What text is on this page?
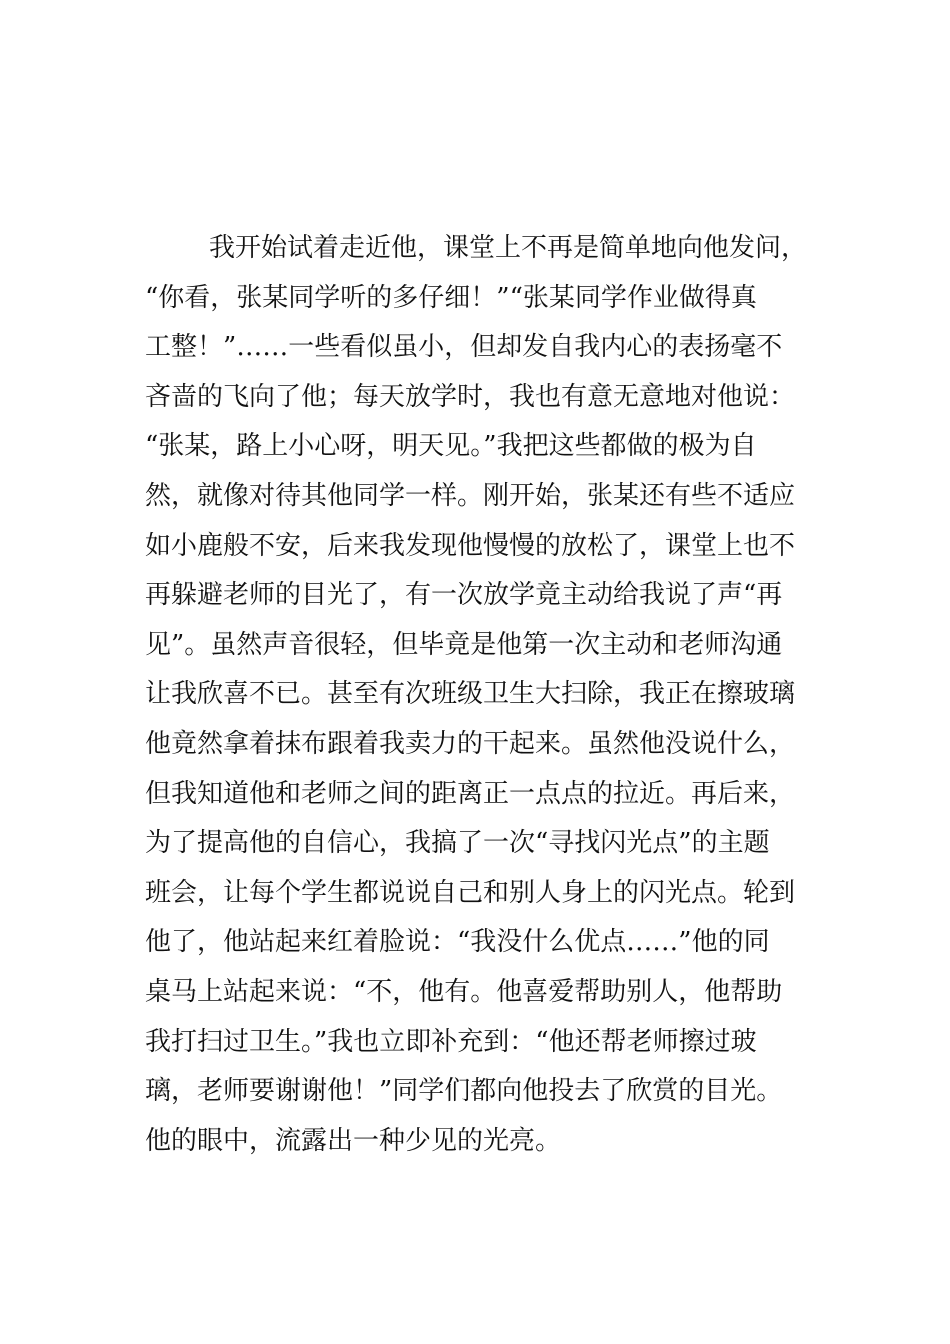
我开始试着走近他，课堂上不再是简单地向他发问，
“你看，张某同学听的多仔细！”“张某同学作业做得真
工整！”……一些看似虽小，但却发自我内心的表扬毫不
吝啬的飞向了他；每天放学时，我也有意无意地对他说：
“张某，路上小心呀，明天见。”我把这些都做的极为自
然，就像对待其他同学一样。刚开始，张某还有些不适应
如小鹿般不安，后来我发现他慢慢的放松了，课堂上也不
再躲避老师的目光了，有一次放学竟主动给我说了声“再
见”。虽然声音很轻，但毕竟是他第一次主动和老师沟通
让我欣喜不已。甚至有次班级卫生大扫除，我正在擦玻璃
他竟然拿着抹布跟着我卖力的干起来。虽然他没说什么，
但我知道他和老师之间的距离正一点点的拉近。再后来，
为了提高他的自信心，我搞了一次“寻找闪光点”的主题
班会，让每个学生都说说自己和别人身上的闪光点。轮到
他了，他站起来红着脸说：“我没什么优点……”他的同
桌马上站起来说：“不，他有。他喜爱帮助别人，他帮助
我打扫过卫生。”我也立即补充到：“他还帮老师擦过玻
璃，老师要谢谢他！”同学们都向他投去了欣赏的目光。
他的眼中，流露出一种少见的光亮。
